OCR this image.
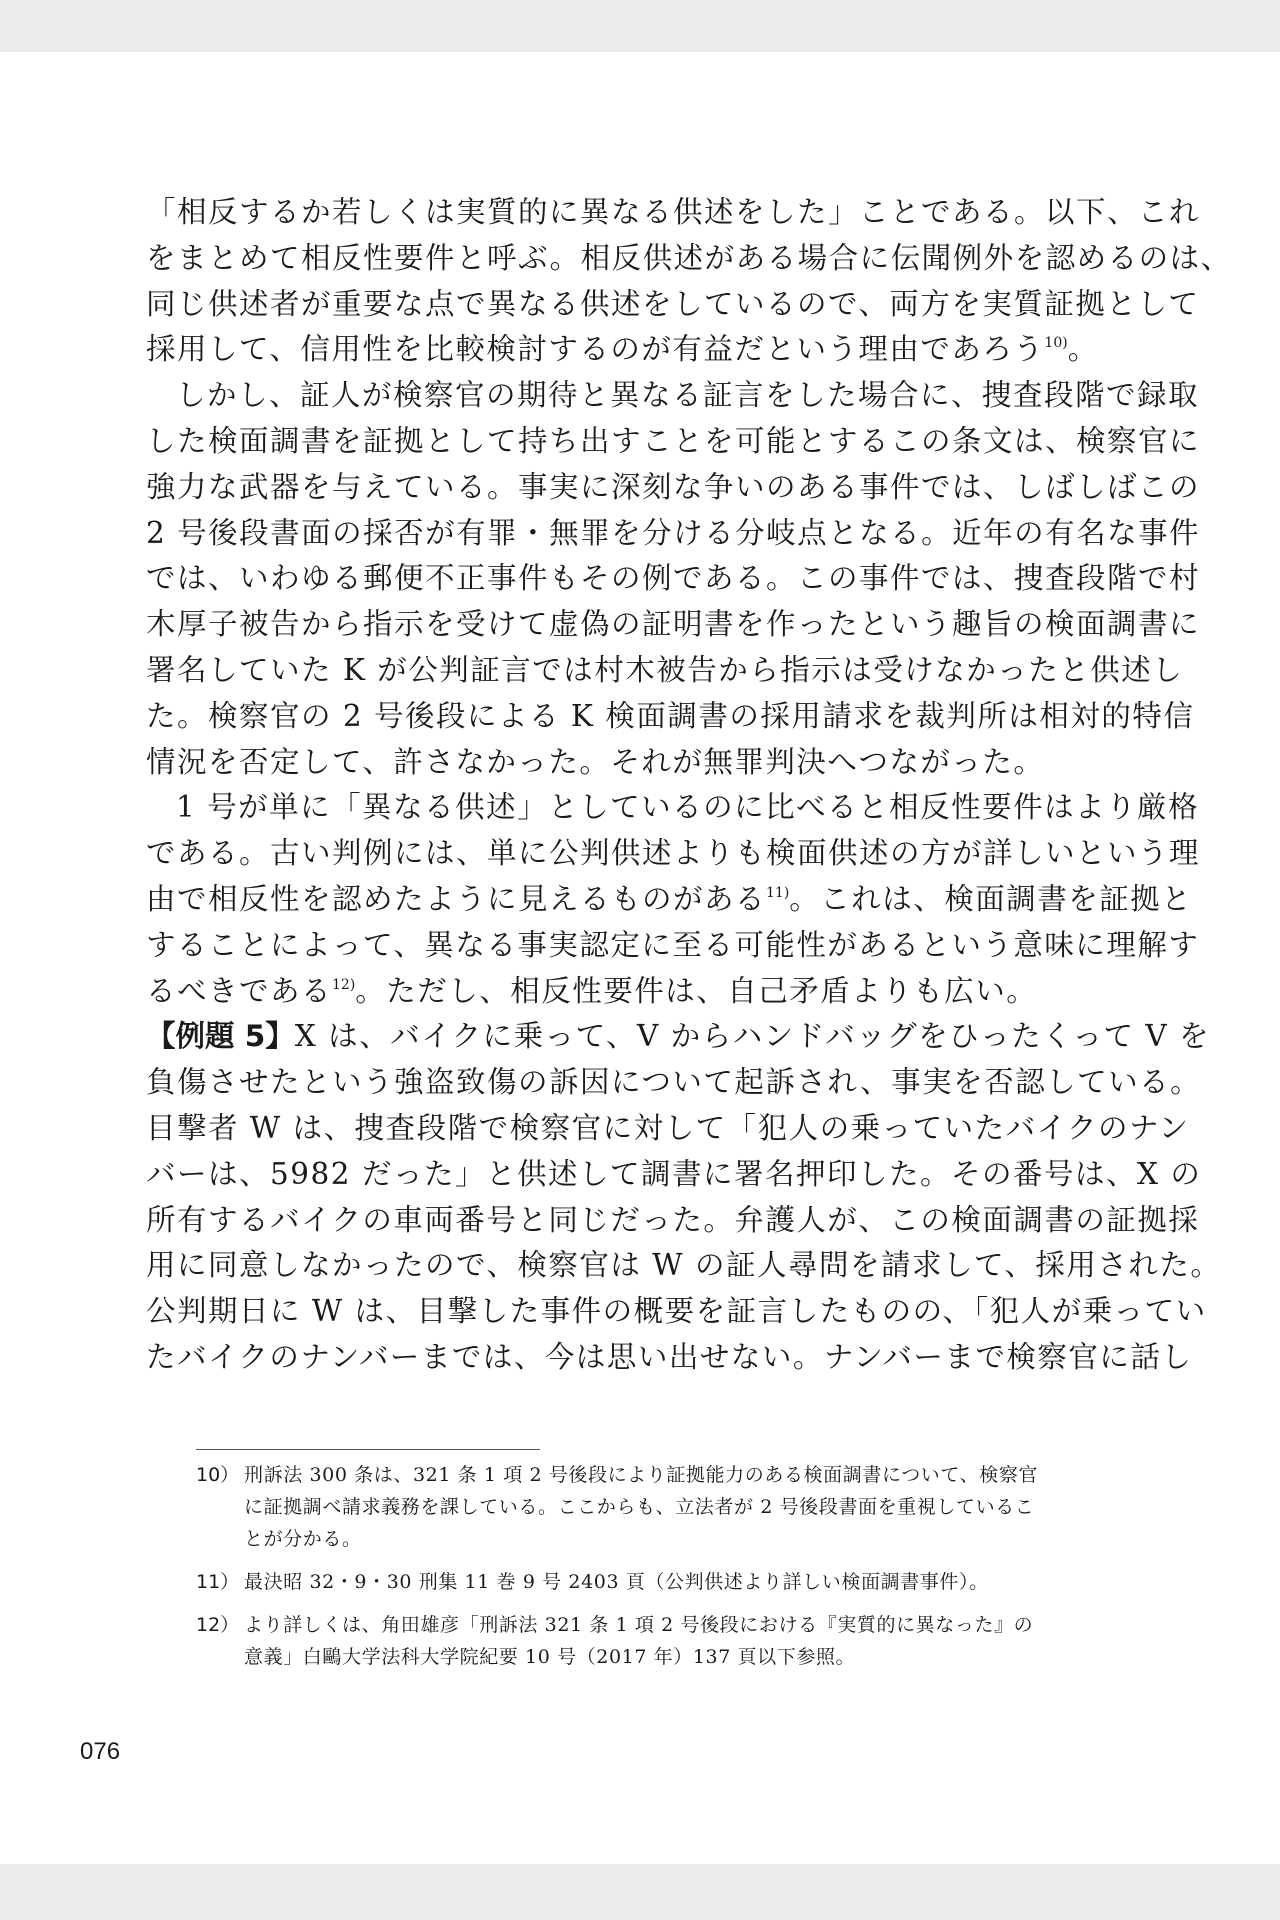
「相反するか若しくは実質的に異なる供述をした」ことである。以下、これ
をまとめて相反性要件と呼ぶ。相反供述がある場合に伝聞例外を認めるのは、
同じ供述者が重要な点で異なる供述をしているので、両方を実質証拠として
採用して、信用性を比較検討するのが有益だという理由であろう$^{10)}$。
しかし、証人が検察官の期待と異なる証言をした場合に、捜査段階で録取
した検面調書を証拠として持ち出すことを可能とするこの条文は、検察官に
強力な武器を与えている。事実に深刻な争いのある事件では、しばしばこの
2 号後段書面の採否が有罪・無罪を分ける分岐点となる。近年の有名な事件
では、いわゆる郵便不正事件もその例である。この事件では、捜査段階で村
木厚子被告から指示を受けて虚偽の証明書を作ったという趣旨の検面調書に
署名していた K が公判証言では村木被告から指示は受けなかったと供述し
た。検察官の 2 号後段による K 検面調書の採用請求を裁判所は相対的特信
情況を否定して、許さなかった。それが無罪判決へつながった。
1 号が単に「異なる供述」としているのに比べると相反性要件はより厳格
である。古い判例には、単に公判供述よりも検面供述の方が詳しいという理
由で相反性を認めたように見えるものがある$^{11)}$。これは、検面調書を証拠と
することによって、異なる事実認定に至る可能性があるという意味に理解す
るべきである$^{12)}$。ただし、相反性要件は、自己矛盾よりも広い。
【例題 5】X は、バイクに乗って、V からハンドバッグをひったくって V を
負傷させたという強盗致傷の訴因について起訴され、事実を否認している。
目撃者 W は、捜査段階で検察官に対して「犯人の乗っていたバイクのナン
バーは、5982 だった」と供述して調書に署名押印した。その番号は、X の
所有するバイクの車両番号と同じだった。弁護人が、この検面調書の証拠採
用に同意しなかったので、検察官は W の証人尋問を請求して、採用された。
公判期日に W は、目撃した事件の概要を証言したものの、「犯人が乗ってい
たバイクのナンバーまでは、今は思い出せない。ナンバーまで検察官に話し
10） 刑訴法 300 条は、321 条 1 項 2 号後段により証拠能力のある検面調書について、検察官
に証拠調べ請求義務を課している。ここからも、立法者が 2 号後段書面を重視しているこ
とが分かる。
11） 最決昭 32・9・30 刑集 11 巻 9 号 2403 頁（公判供述より詳しい検面調書事件）。
12） より詳しくは、角田雄彦「刑訴法 321 条 1 項 2 号後段における『実質的に異なった』の
意義」白鷗大学法科大学院紀要 10 号（2017 年）137 頁以下参照。
076
